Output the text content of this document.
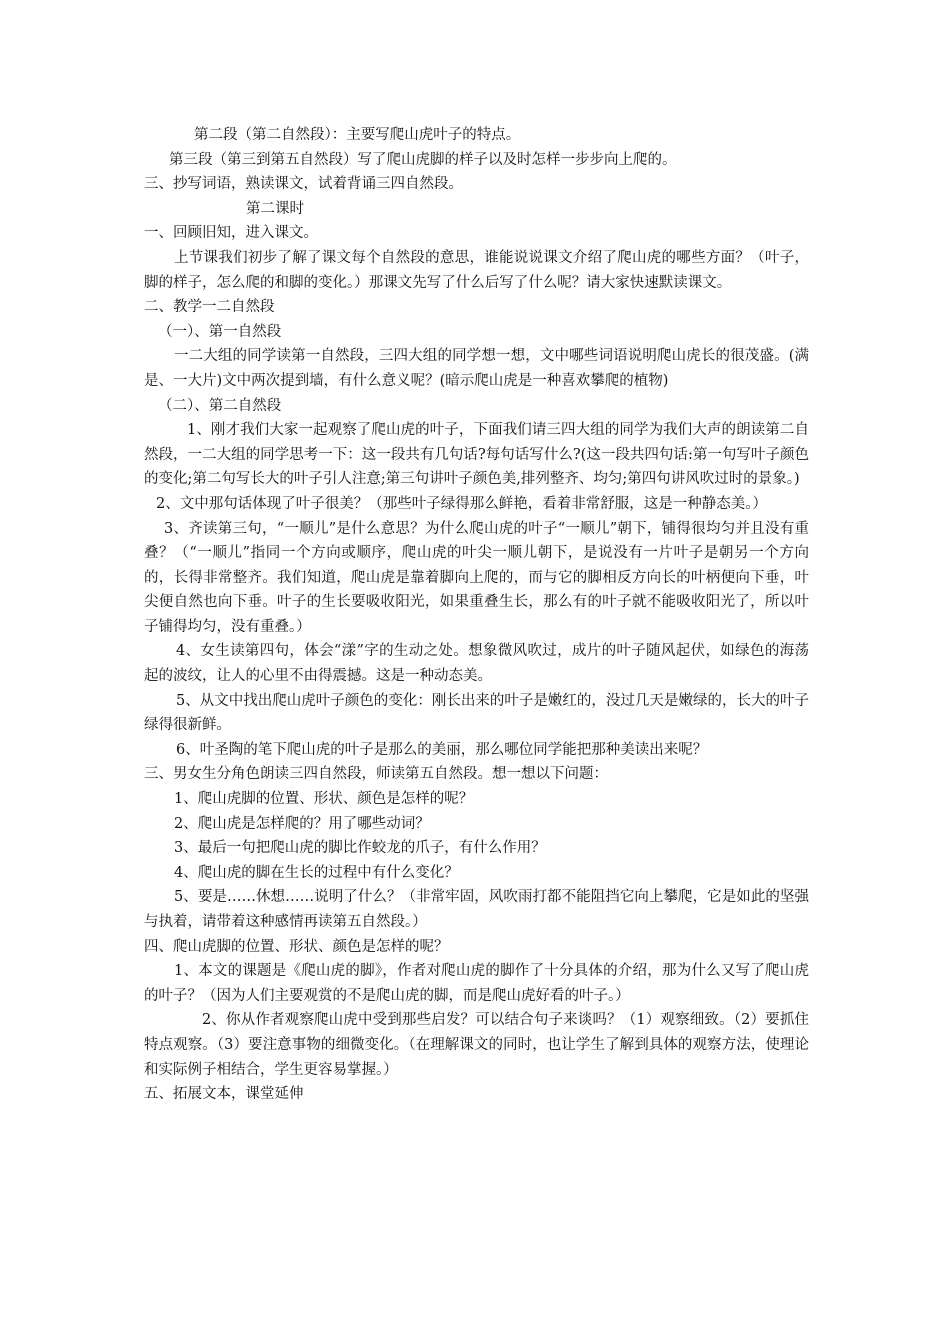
第二段（第二自然段）：主要写爬山虎叶子的特点。

第三段（第三到第五自然段）写了爬山虎脚的样子以及时怎样一步步向上爬的。

三、抄写词语，熟读课文，试着背诵三四自然段。

第二课时

一、回顾旧知，进入课文。

上节课我们初步了解了课文每个自然段的意思，谁能说说课文介绍了爬山虎的哪些方面？（叶子，脚的样子，怎么爬的和脚的变化。）那课文先写了什么后写了什么呢？请大家快速默读课文。

二、教学一二自然段

（一）、第一自然段

一二大组的同学读第一自然段，三四大组的同学想一想，文中哪些词语说明爬山虎长的很茂盛。(满是、一大片)文中两次提到墙，有什么意义呢？(暗示爬山虎是一种喜欢攀爬的植物)

（二）、第二自然段

1、刚才我们大家一起观察了爬山虎的叶子，下面我们请三四大组的同学为我们大声的朗读第二自然段，一二大组的同学思考一下：这一段共有几句话?每句话写什么?(这一段共四句话:第一句写叶子颜色的变化;第二句写长大的叶子引人注意;第三句讲叶子颜色美,排列整齐、均匀;第四句讲风吹过时的景象。)

2、文中那句话体现了叶子很美？（那些叶子绿得那么鲜艳，看着非常舒服，这是一种静态美。）

3、齐读第三句，“一顺儿”是什么意思？为什么爬山虎的叶子“一顺儿”朝下，铺得很均匀并且没有重叠？（“一顺儿”指同一个方向或顺序，爬山虎的叶尖一顺儿朝下，是说没有一片叶子是朝另一个方向的，长得非常整齐。我们知道，爬山虎是靠着脚向上爬的，而与它的脚相反方向长的叶柄便向下垂，叶尖便自然也向下垂。叶子的生长要吸收阳光，如果重叠生长，那么有的叶子就不能吸收阳光了，所以叶子铺得均匀，没有重叠。）

4、女生读第四句，体会“漾”字的生动之处。想象微风吹过，成片的叶子随风起伏，如绿色的海荡起的波纹，让人的心里不由得震撼。这是一种动态美。

5、从文中找出爬山虎叶子颜色的变化：刚长出来的叶子是嫩红的，没过几天是嫩绿的，长大的叶子绿得很新鲜。

6、叶圣陶的笔下爬山虎的叶子是那么的美丽，那么哪位同学能把那种美读出来呢？

三、男女生分角色朗读三四自然段，师读第五自然段。想一想以下问题：

1、爬山虎脚的位置、形状、颜色是怎样的呢？

2、爬山虎是怎样爬的？用了哪些动词？

3、最后一句把爬山虎的脚比作蛟龙的爪子，有什么作用？

4、爬山虎的脚在生长的过程中有什么变化？

5、要是……休想……说明了什么？（非常牢固，风吹雨打都不能阻挡它向上攀爬，它是如此的坚强与执着，请带着这种感情再读第五自然段。）

四、爬山虎脚的位置、形状、颜色是怎样的呢？

1、本文的课题是《爬山虎的脚》，作者对爬山虎的脚作了十分具体的介绍，那为什么又写了爬山虎的叶子？（因为人们主要观赏的不是爬山虎的脚，而是爬山虎好看的叶子。）

2、你从作者观察爬山虎中受到那些启发？可以结合句子来谈吗？（1）观察细致。（2）要抓住特点观察。（3）要注意事物的细微变化。（在理解课文的同时，也让学生了解到具体的观察方法，使理论和实际例子相结合，学生更容易掌握。）

五、拓展文本，课堂延伸
